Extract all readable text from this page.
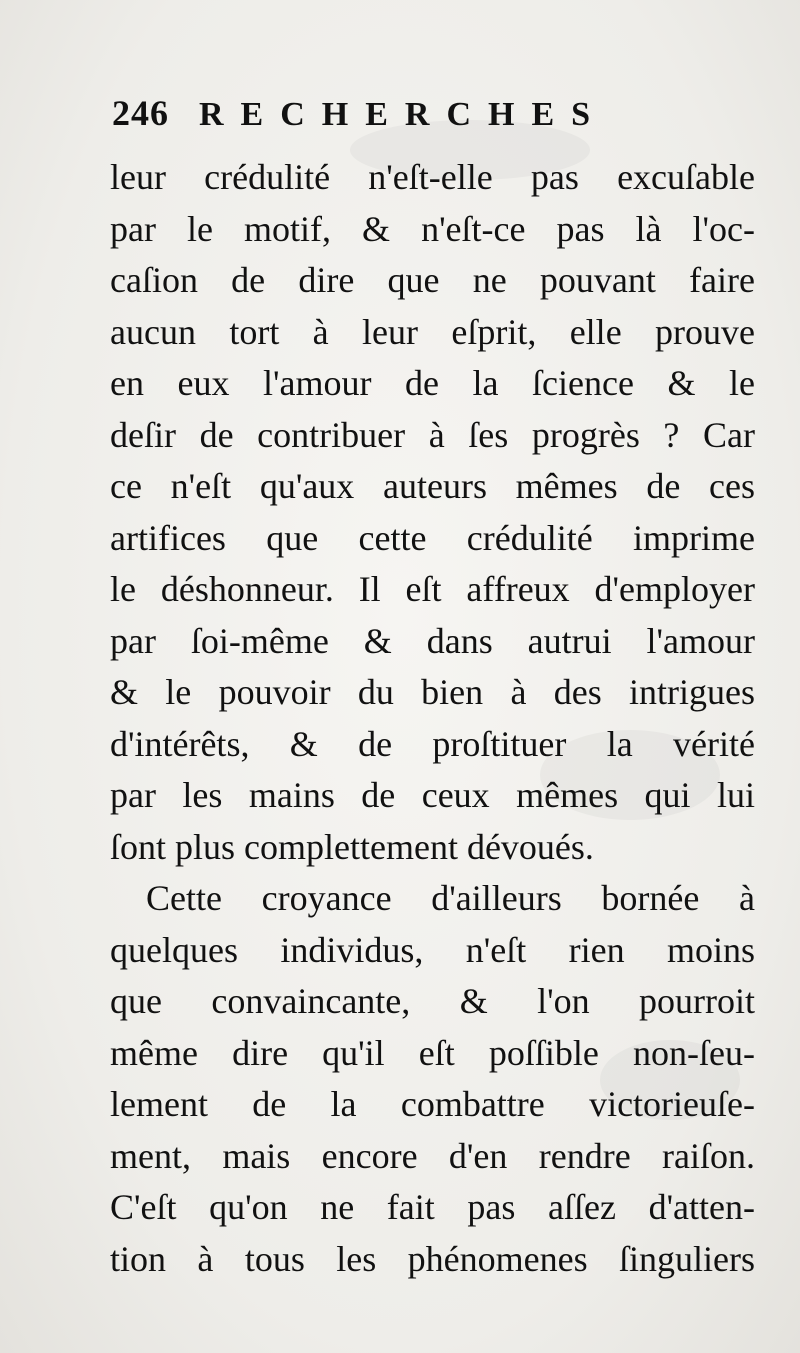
246 RECHERCHES
leur crédulité n'eſt-elle pas excuſable
par le motif, & n'eſt-ce pas là l'oc-
caſion de dire que ne pouvant faire
aucun tort à leur eſprit, elle prouve
en eux l'amour de la ſcience & le
deſir de contribuer à ſes progrès ? Car
ce n'eſt qu'aux auteurs mêmes de ces
artifices que cette crédulité imprime
le déshonneur. Il eſt affreux d'employer
par ſoi-même & dans autrui l'amour
& le pouvoir du bien à des intrigues
d'intérêts, & de proſtituer la vérité
par les mains de ceux mêmes qui lui
ſont plus complettement dévoués.
Cette croyance d'ailleurs bornée à
quelques individus, n'eſt rien moins
que convaincante, & l'on pourroit
même dire qu'il eſt poſſible non-ſeu-
lement de la combattre victorieuſe-
ment, mais encore d'en rendre raiſon.
C'eſt qu'on ne fait pas aſſez d'atten-
tion à tous les phénomenes ſinguliers
